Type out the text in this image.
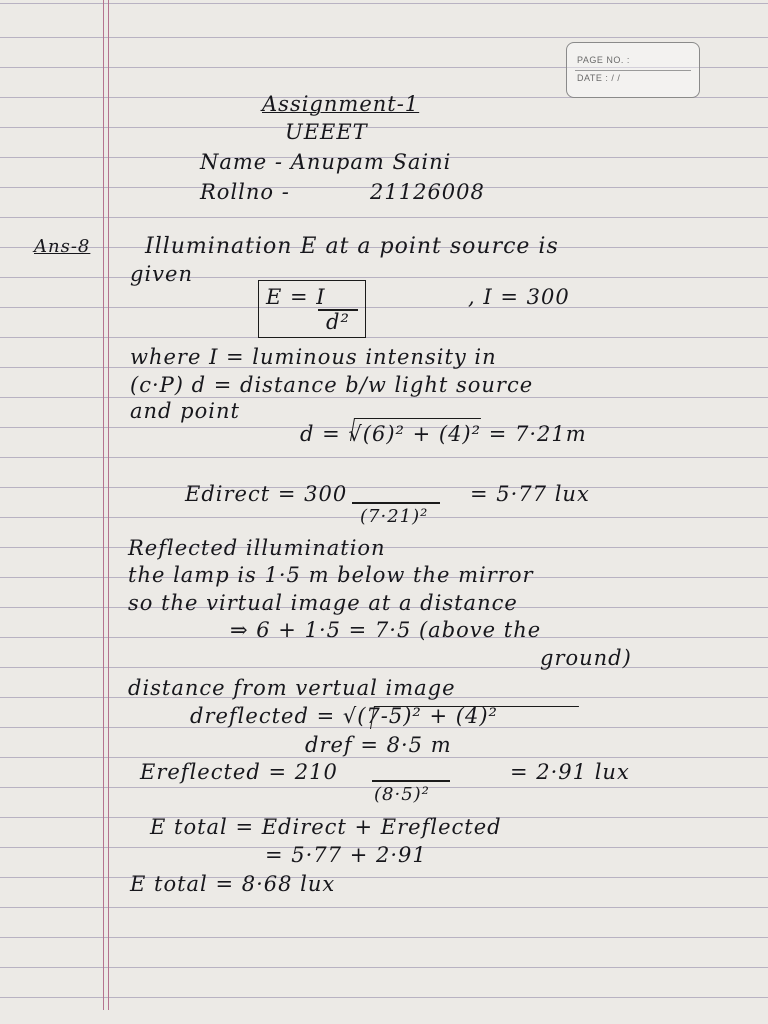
PAGE NO. :
DATE : / /
Assignment-1
UEEET
Name - Anupam Saini
Rollno -	21126008
Ans-8 Illumination E at a point source is
given
E = I
d²
, I = 300
where I = luminous intensity in
(c·P) d = distance b/w light source
and point
d = √(6)² + (4)² = 7·21m
Edirect = 300	= 5·77 lux
(7·21)²
Reflected illumination
the lamp is 1·5 m below the mirror
so the virtual image at a distance
⇒ 6 + 1·5 = 7·5 (above the
ground)
distance from vertual image
dreflected = √(7-5)² + (4)²
dref = 8·5 m
Ereflected = 210	= 2·91 lux
(8·5)²
E total = Edirect + Ereflected
= 5·77 + 2·91
E total = 8·68 lux
